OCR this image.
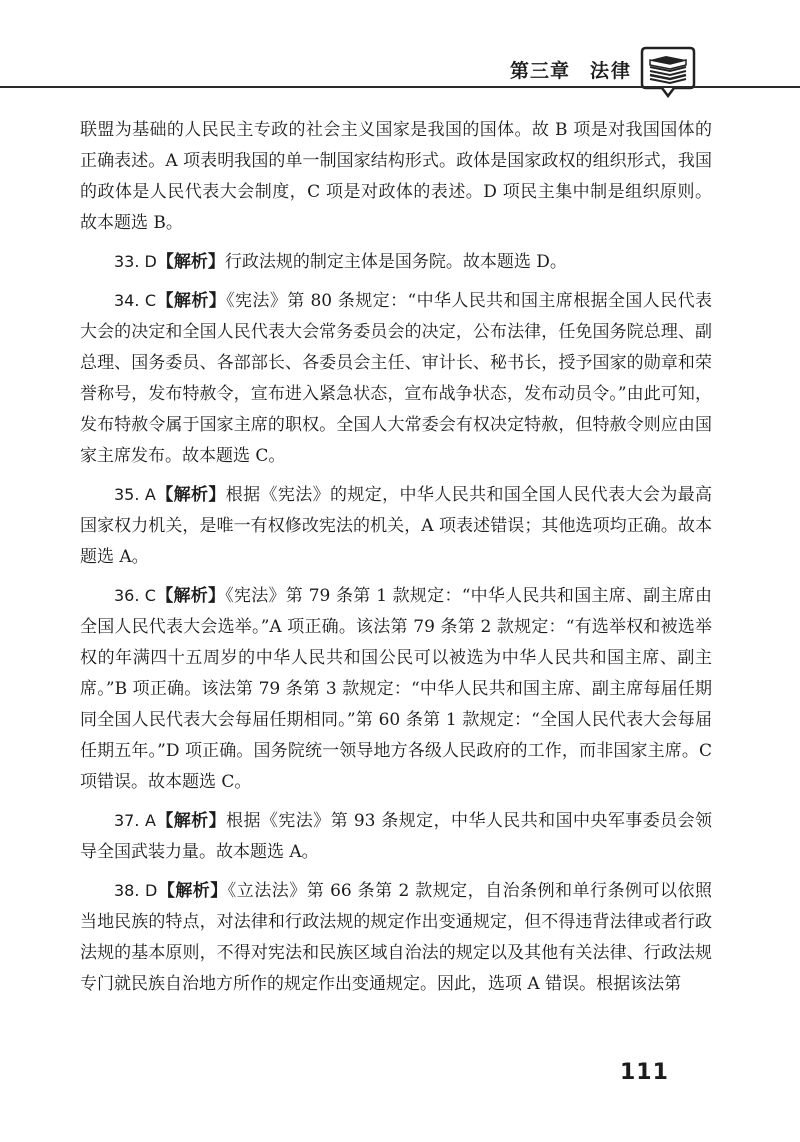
第三章 法律

联盟为基础的人民民主专政的社会主义国家是我国的国体。故 B 项是对我国国体的正确表述。A 项表明我国的单一制国家结构形式。政体是国家政权的组织形式，我国的政体是人民代表大会制度，C 项是对政体的表述。D 项民主集中制是组织原则。故本题选 B。

33. D【解析】行政法规的制定主体是国务院。故本题选 D。

34. C【解析】《宪法》第 80 条规定：“中华人民共和国主席根据全国人民代表大会的决定和全国人民代表大会常务委员会的决定，公布法律，任免国务院总理、副总理、国务委员、各部部长、各委员会主任、审计长、秘书长，授予国家的勋章和荣誉称号，发布特赦令，宣布进入紧急状态，宣布战争状态，发布动员令。”由此可知，发布特赦令属于国家主席的职权。全国人大常委会有权决定特赦，但特赦令则应由国家主席发布。故本题选 C。

35. A【解析】根据《宪法》的规定，中华人民共和国全国人民代表大会为最高国家权力机关，是唯一有权修改宪法的机关，A 项表述错误；其他选项均正确。故本题选 A。

36. C【解析】《宪法》第 79 条第 1 款规定：“中华人民共和国主席、副主席由全国人民代表大会选举。”A 项正确。该法第 79 条第 2 款规定：“有选举权和被选举权的年满四十五周岁的中华人民共和国公民可以被选为中华人民共和国主席、副主席。”B 项正确。该法第 79 条第 3 款规定：“中华人民共和国主席、副主席每届任期同全国人民代表大会每届任期相同。”第 60 条第 1 款规定：“全国人民代表大会每届任期五年。”D 项正确。国务院统一领导地方各级人民政府的工作，而非国家主席。C 项错误。故本题选 C。

37. A【解析】根据《宪法》第 93 条规定，中华人民共和国中央军事委员会领导全国武装力量。故本题选 A。

38. D【解析】《立法法》第 66 条第 2 款规定，自治条例和单行条例可以依照当地民族的特点，对法律和行政法规的规定作出变通规定，但不得违背法律或者行政法规的基本原则，不得对宪法和民族区域自治法的规定以及其他有关法律、行政法规专门就民族自治地方所作的规定作出变通规定。因此，选项 A 错误。根据该法第

111
